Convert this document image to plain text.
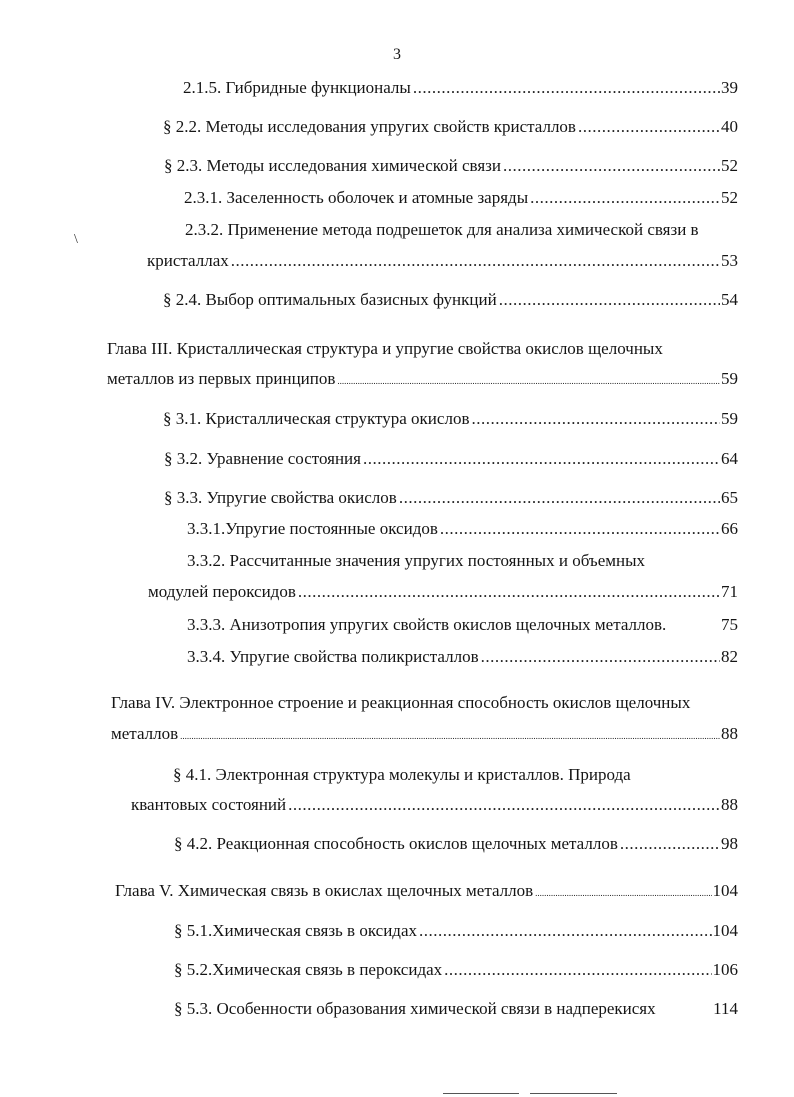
3
\
2.1.5. Гибридные функционалы .....	39
§ 2.2. Методы исследования упругих свойств кристаллов .....	40
§ 2.3. Методы исследования химической связи .....	52
2.3.1. Заселенность оболочек и атомные заряды .....	52
2.3.2. Применение метода подрешеток для анализа химической связи в
кристаллах .....	53
§ 2.4. Выбор оптимальных базисных функций .....	54
Глава III. Кристаллическая структура и упругие свойства окислов щелочных
металлов из первых принципов .....	59
§ 3.1. Кристаллическая структура окислов .....	59
§ 3.2. Уравнение состояния .....	64
§ 3.3. Упругие свойства окислов .....	65
3.3.1.Упругие постоянные оксидов .....	66
3.3.2. Рассчитанные значения упругих постоянных и объемных
модулей пероксидов .....	71
3.3.3. Анизотропия упругих свойств окислов щелочных металлов.	75
3.3.4. Упругие свойства поликристаллов .....	82
Глава IV. Электронное строение и реакционная способность окислов щелочных
металлов .....	88
§ 4.1. Электронная структура молекулы и кристаллов. Природа
квантовых состояний .....	88
§ 4.2. Реакционная способность окислов щелочных металлов .....	98
Глава V. Химическая связь в окислах щелочных металлов .....	104
§ 5.1.Химическая связь в оксидах .....	104
§ 5.2.Химическая связь в пероксидах .....	106
§ 5.3. Особенности образования химической связи в надперекисях	114
